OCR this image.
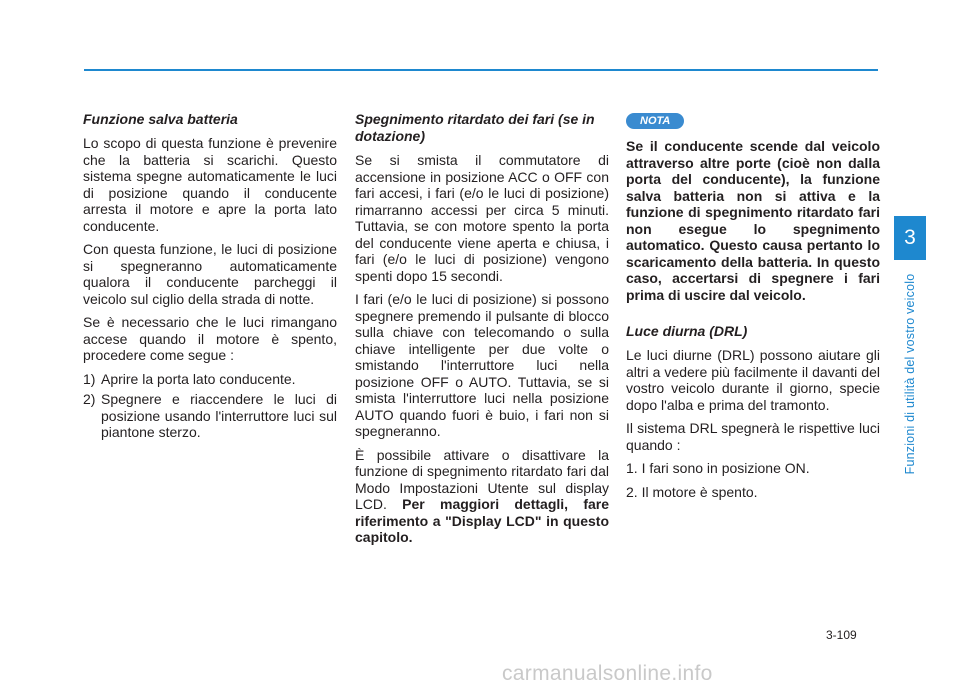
Funzione salva batteria

Lo scopo di questa funzione è prevenire che la batteria si scarichi. Questo sistema spegne automaticamente le luci di posizione quando il conducente arresta il motore e apre la porta lato conducente.

Con questa funzione, le luci di posizione si spegneranno automaticamente qualora il conducente parcheggi il veicolo sul ciglio della strada di notte.

Se è necessario che le luci rimangano accese quando il motore è spento, procedere come segue :

1) Aprire la porta lato conducente.
2) Spegnere e riaccendere le luci di posizione usando l'interruttore luci sul piantone sterzo.
Spegnimento ritardato dei fari (se in dotazione)

Se si smista il commutatore di accensione in posizione ACC o OFF con fari accesi, i fari (e/o le luci di posizione) rimarranno accessi per circa 5 minuti. Tuttavia, se con motore spento la porta del conducente viene aperta e chiusa, i fari (e/o le luci di posizione) vengono spenti dopo 15 secondi.

I fari (e/o le luci di posizione) si possono spegnere premendo il pulsante di blocco sulla chiave con telecomando o sulla chiave intelligente per due volte o smistando l'interruttore luci nella posizione OFF o AUTO. Tuttavia, se si smista l'interruttore luci nella posizione AUTO quando fuori è buio, i fari non si spegneranno.

È possibile attivare o disattivare la funzione di spegnimento ritardato fari dal Modo Impostazioni Utente sul display LCD. Per maggiori dettagli, fare riferimento a "Display LCD" in questo capitolo.

NOTA

Se il conducente scende dal veicolo attraverso altre porte (cioè non dalla porta del conducente), la funzione salva batteria non si attiva e la funzione di spegnimento ritardato fari non esegue lo spegnimento automatico. Questo causa pertanto lo scaricamento della batteria. In questo caso, accertarsi di spegnere i fari prima di uscire dal veicolo.

Luce diurna (DRL)

Le luci diurne (DRL) possono aiutare gli altri a vedere più facilmente il davanti del vostro veicolo durante il giorno, specie dopo l'alba e prima del tramonto.

Il sistema DRL spegnerà le rispettive luci quando :

1. I fari sono in posizione ON.

2. Il motore è spento.

3
Funzioni di utilità del vostro veicolo
3-109
carmanualsonline.info
